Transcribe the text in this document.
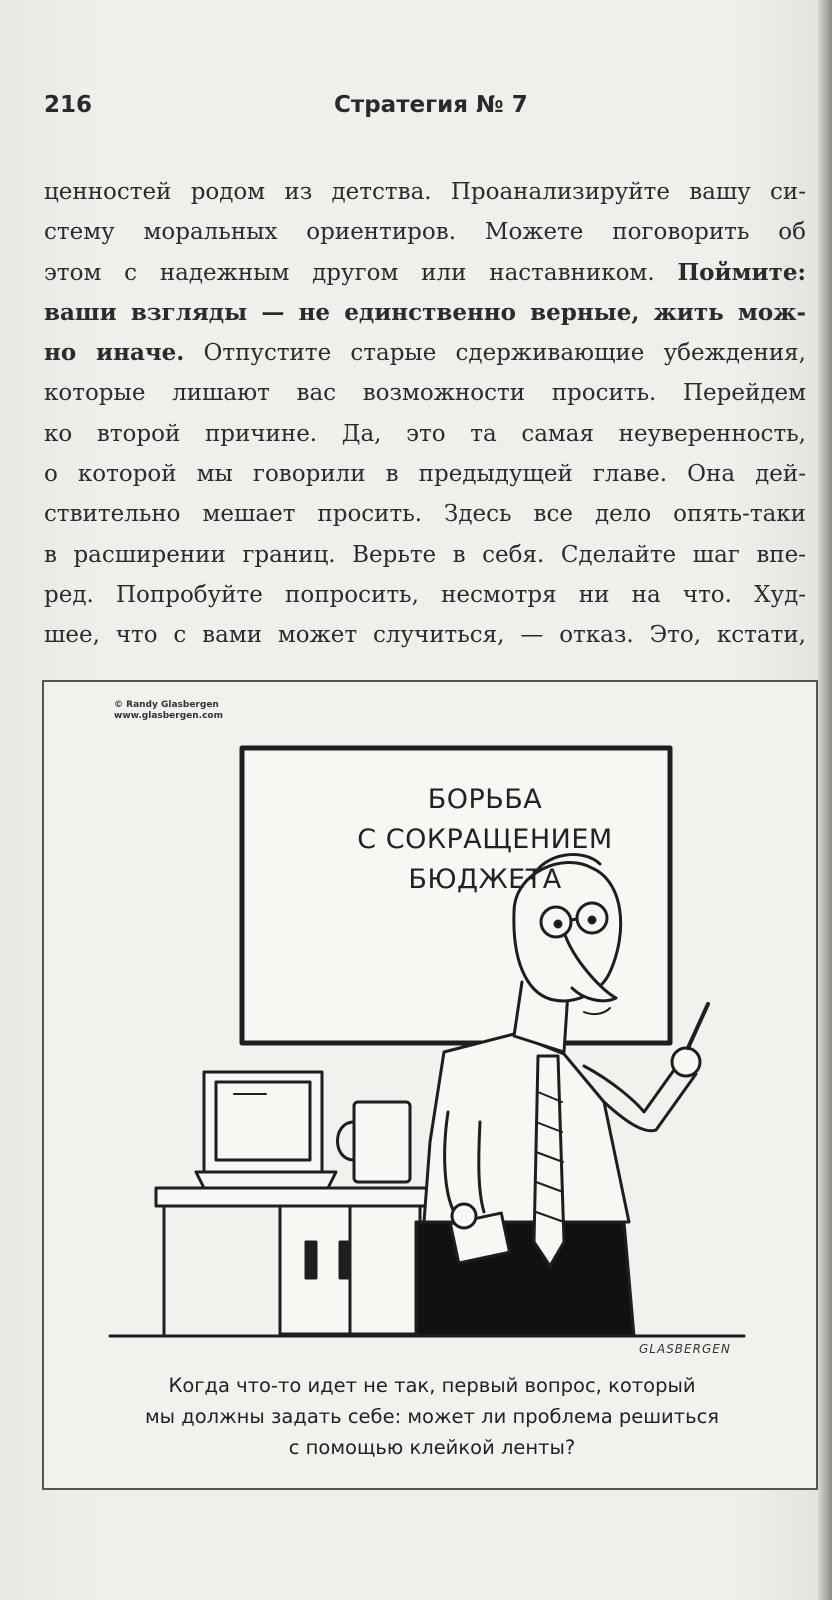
216	Стратегия № 7
ценностей родом из детства. Проанализируйте вашу си-
стему моральных ориентиров. Можете поговорить об
этом с надежным другом или наставником. Поймите:
ваши взгляды — не единственно верные, жить мож-
но иначе. Отпустите старые сдерживающие убеждения,
которые лишают вас возможности просить. Перейдем
ко второй причине. Да, это та самая неуверенность,
о которой мы говорили в предыдущей главе. Она дей-
ствительно мешает просить. Здесь все дело опять-таки
в расширении границ. Верьте в себя. Сделайте шаг впе-
ред. Попробуйте попросить, несмотря ни на что. Худ-
шее, что с вами может случиться, — отказ. Это, кстати,
© Randy Glasbergen
www.glasbergen.com
БОРЬБА
С СОКРАЩЕНИЕМ
БЮДЖЕТА
GLASBERGEN
Когда что-то идет не так, первый вопрос, который
мы должны задать себе: может ли проблема решиться
с помощью клейкой ленты?
